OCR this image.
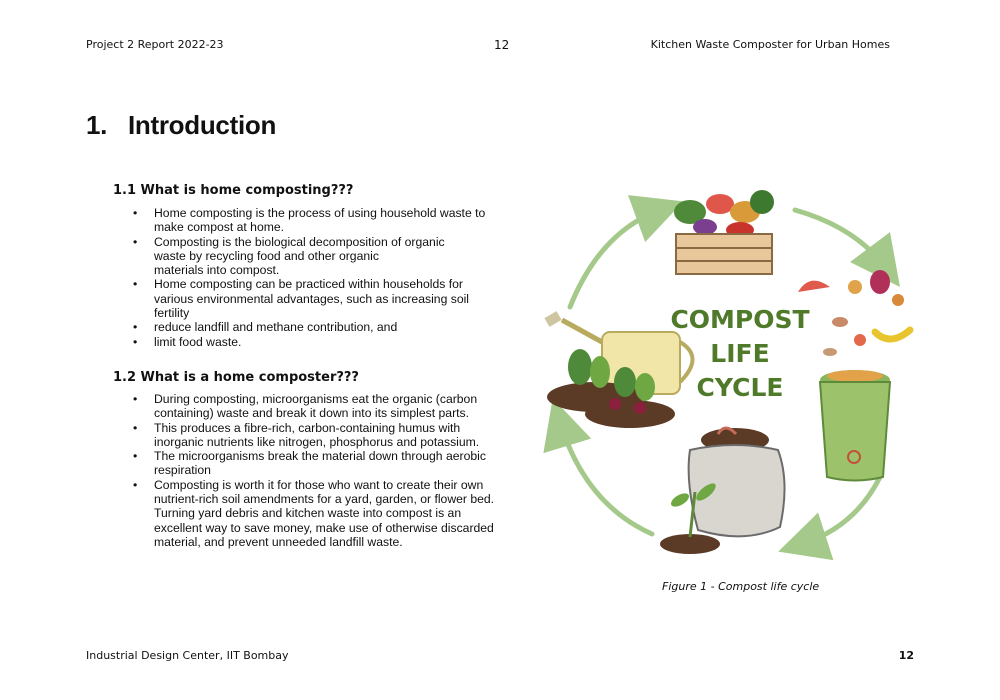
Project 2 Report 2022-23	12	Kitchen Waste Composter for Urban Homes
1. Introduction
1.1 What is home composting???
• Home composting is the process of using household waste to
make compost at home.
• Composting is the biological decomposition of organic
waste by recycling food and other organic
materials into compost.
• Home composting can be practiced within households for
various environmental advantages, such as increasing soil
fertility
• reduce landfill and methane contribution, and
• limit food waste.
1.2 What is a home composter???
• During composting, microorganisms eat the organic (carbon
containing) waste and break it down into its simplest parts.
• This produces a fibre-rich, carbon-containing humus with
inorganic nutrients like nitrogen, phosphorus and potassium.
• The microorganisms break the material down through aerobic
respiration
• Composting is worth it for those who want to create their own
nutrient-rich soil amendments for a yard, garden, or flower bed.
Turning yard debris and kitchen waste into compost is an
excellent way to save money, make use of otherwise discarded
material, and prevent unneeded landfill waste.
COMPOST
LIFE
CYCLE
Figure 1 - Compost life cycle
Industrial Design Center, IIT Bombay	12
